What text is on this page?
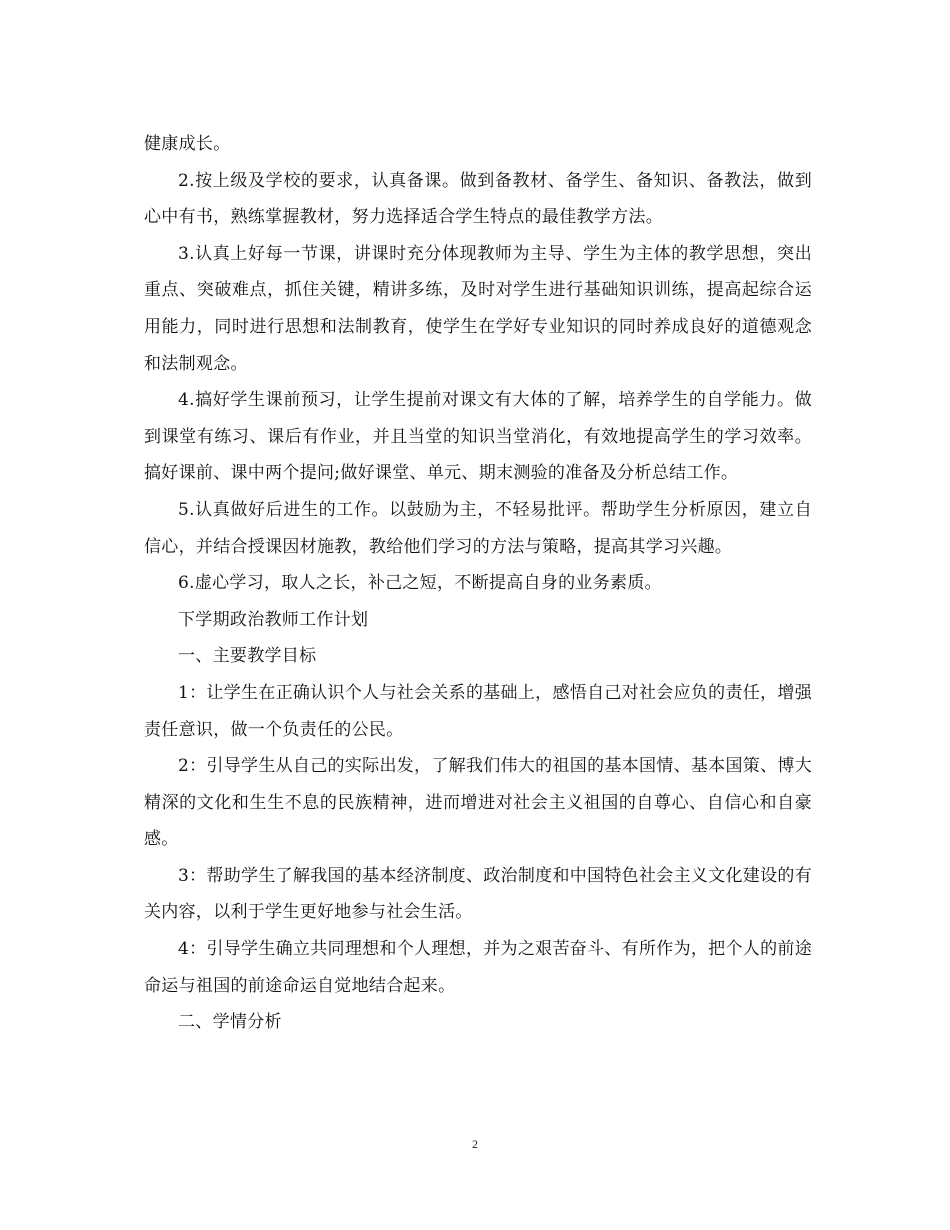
健康成长。

2.按上级及学校的要求，认真备课。做到备教材、备学生、备知识、备教法，做到心中有书，熟练掌握教材，努力选择适合学生特点的最佳教学方法。

3.认真上好每一节课，讲课时充分体现教师为主导、学生为主体的教学思想，突出重点、突破难点，抓住关键，精讲多练，及时对学生进行基础知识训练，提高起综合运用能力，同时进行思想和法制教育，使学生在学好专业知识的同时养成良好的道德观念和法制观念。

4.搞好学生课前预习，让学生提前对课文有大体的了解，培养学生的自学能力。做到课堂有练习、课后有作业，并且当堂的知识当堂消化，有效地提高学生的学习效率。搞好课前、课中两个提问;做好课堂、单元、期末测验的准备及分析总结工作。

5.认真做好后进生的工作。以鼓励为主，不轻易批评。帮助学生分析原因，建立自信心，并结合授课因材施教，教给他们学习的方法与策略，提高其学习兴趣。

6.虚心学习，取人之长，补己之短，不断提高自身的业务素质。

下学期政治教师工作计划

一、主要教学目标

1：让学生在正确认识个人与社会关系的基础上，感悟自己对社会应负的责任，增强责任意识，做一个负责任的公民。

2：引导学生从自己的实际出发，了解我们伟大的祖国的基本国情、基本国策、博大精深的文化和生生不息的民族精神，进而增进对社会主义祖国的自尊心、自信心和自豪感。

3：帮助学生了解我国的基本经济制度、政治制度和中国特色社会主义文化建设的有关内容，以利于学生更好地参与社会生活。

4：引导学生确立共同理想和个人理想，并为之艰苦奋斗、有所作为，把个人的前途命运与祖国的前途命运自觉地结合起来。

二、学情分析

2
